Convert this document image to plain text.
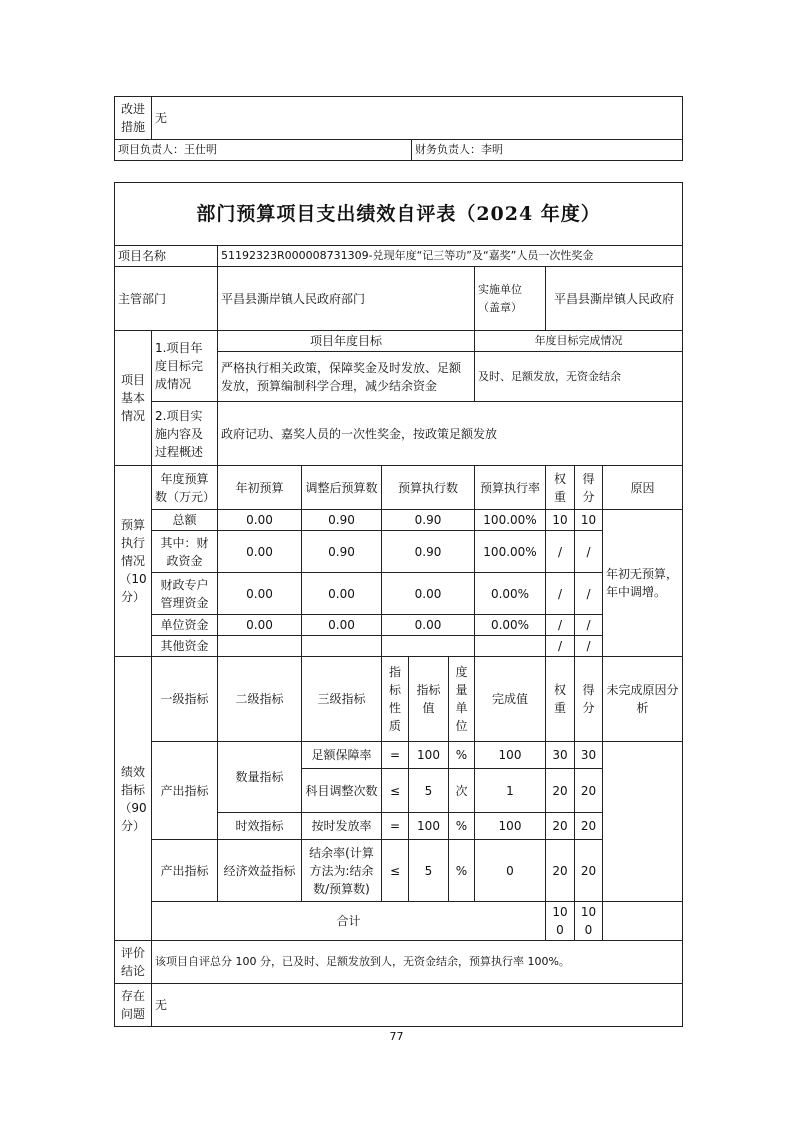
改进措施	无	
项目负责人：王仕明		财务负责人：李明
部门预算项目支出绩效自评表（2024 年度）										
项目名称		51192323R000008731309-兑现年度“记三等功”及“嘉奖”人员一次性奖金								
主管部门		平昌县澌岸镇人民政府部门					实施单位（盖章）	平昌县澌岸镇人民政府		
项目基本情况	1.项目年度目标完成情况	项目年度目标					年度目标完成情况			
		严格执行相关政策，保障奖金及时发放、足额发放，预算编制科学合理，减少结余资金					及时、足额发放，无资金结余			
	2.项目实施内容及过程概述	政府记功、嘉奖人员的一次性奖金，按政策足额发放								
预算执行情况（10分）	年度预算数（万元）	年初预算	调整后预算数	预算执行数			预算执行率	权重	得分	原因
	总额	0.00	0.90	0.90			100.00%	10	10	年初无预算，年中调增。
	其中：财政资金	0.00	0.90	0.90			100.00%	/	/	
	财政专户管理资金	0.00	0.00	0.00			0.00%	/	/	
	单位资金	0.00	0.00	0.00			0.00%	/	/	
	其他资金							/	/	
绩效指标（90分）	一级指标	二级指标	三级指标	指标性质	指标值	度量单位	完成值	权重	得分	未完成原因分析
	产出指标	数量指标	足额保障率	=	100	%	100	30	30	
			科目调整次数	≤	5	次	1	20	20	
		时效指标	按时发放率	=	100	%	100	20	20	
	产出指标	经济效益指标	结余率(计算方法为:结余数/预算数)	≤	5	%	0	20	20	
	合计							100	100	
评价结论	该项目自评总分 100 分，已及时、足额发放到人，无资金结余，预算执行率 100%。									
存在问题	无									
77
